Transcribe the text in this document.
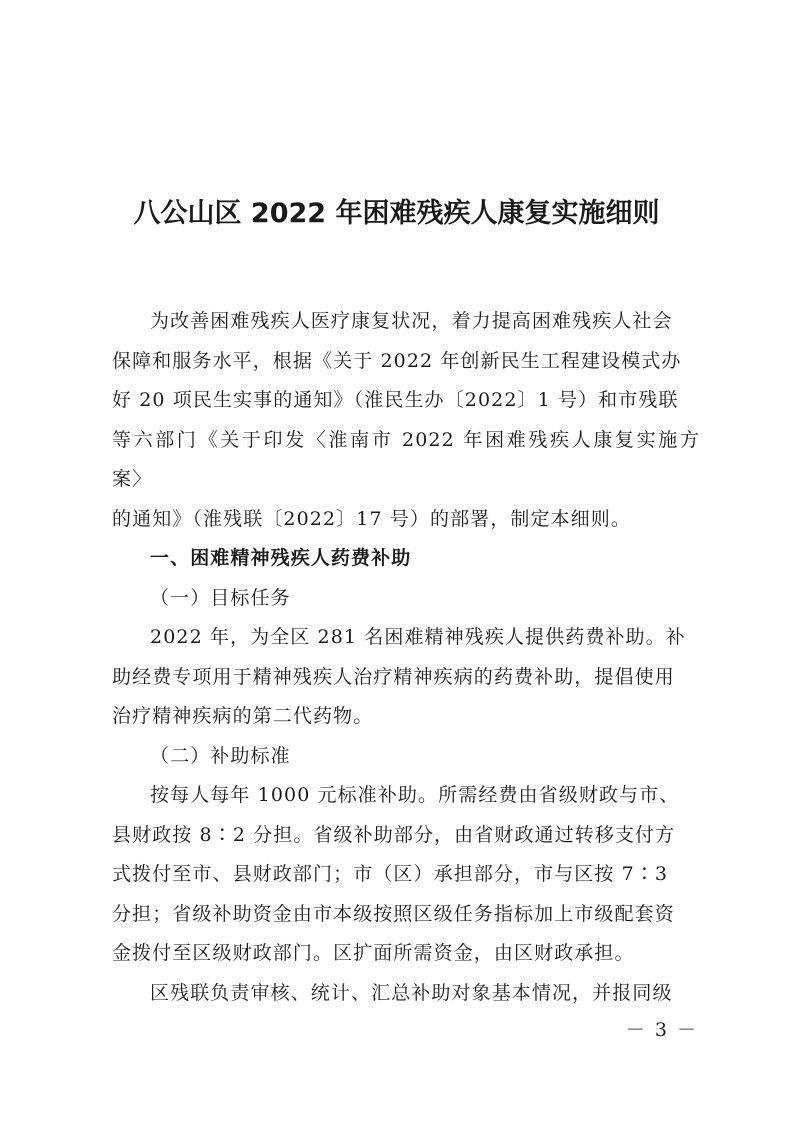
八公山区 2022 年困难残疾人康复实施细则

为改善困难残疾人医疗康复状况，着力提高困难残疾人社会
保障和服务水平，根据《关于 2022 年创新民生工程建设模式办
好 20 项民生实事的通知》（淮民生办〔2022〕1 号）和市残联
等六部门《关于印发〈淮南市 2022 年困难残疾人康复实施方案〉
的通知》（淮残联〔2022〕17 号）的部署，制定本细则。

一、困难精神残疾人药费补助

（一）目标任务

2022 年，为全区 281 名困难精神残疾人提供药费补助。补
助经费专项用于精神残疾人治疗精神疾病的药费补助，提倡使用
治疗精神疾病的第二代药物。

（二）补助标准

按每人每年 1000 元标准补助。所需经费由省级财政与市、
县财政按 8∶2 分担。省级补助部分，由省财政通过转移支付方
式拨付至市、县财政部门；市（区）承担部分，市与区按 7∶3
分担；省级补助资金由市本级按照区级任务指标加上市级配套资
金拨付至区级财政部门。区扩面所需资金，由区财政承担。

区残联负责审核、统计、汇总补助对象基本情况，并报同级

－ 3 －
